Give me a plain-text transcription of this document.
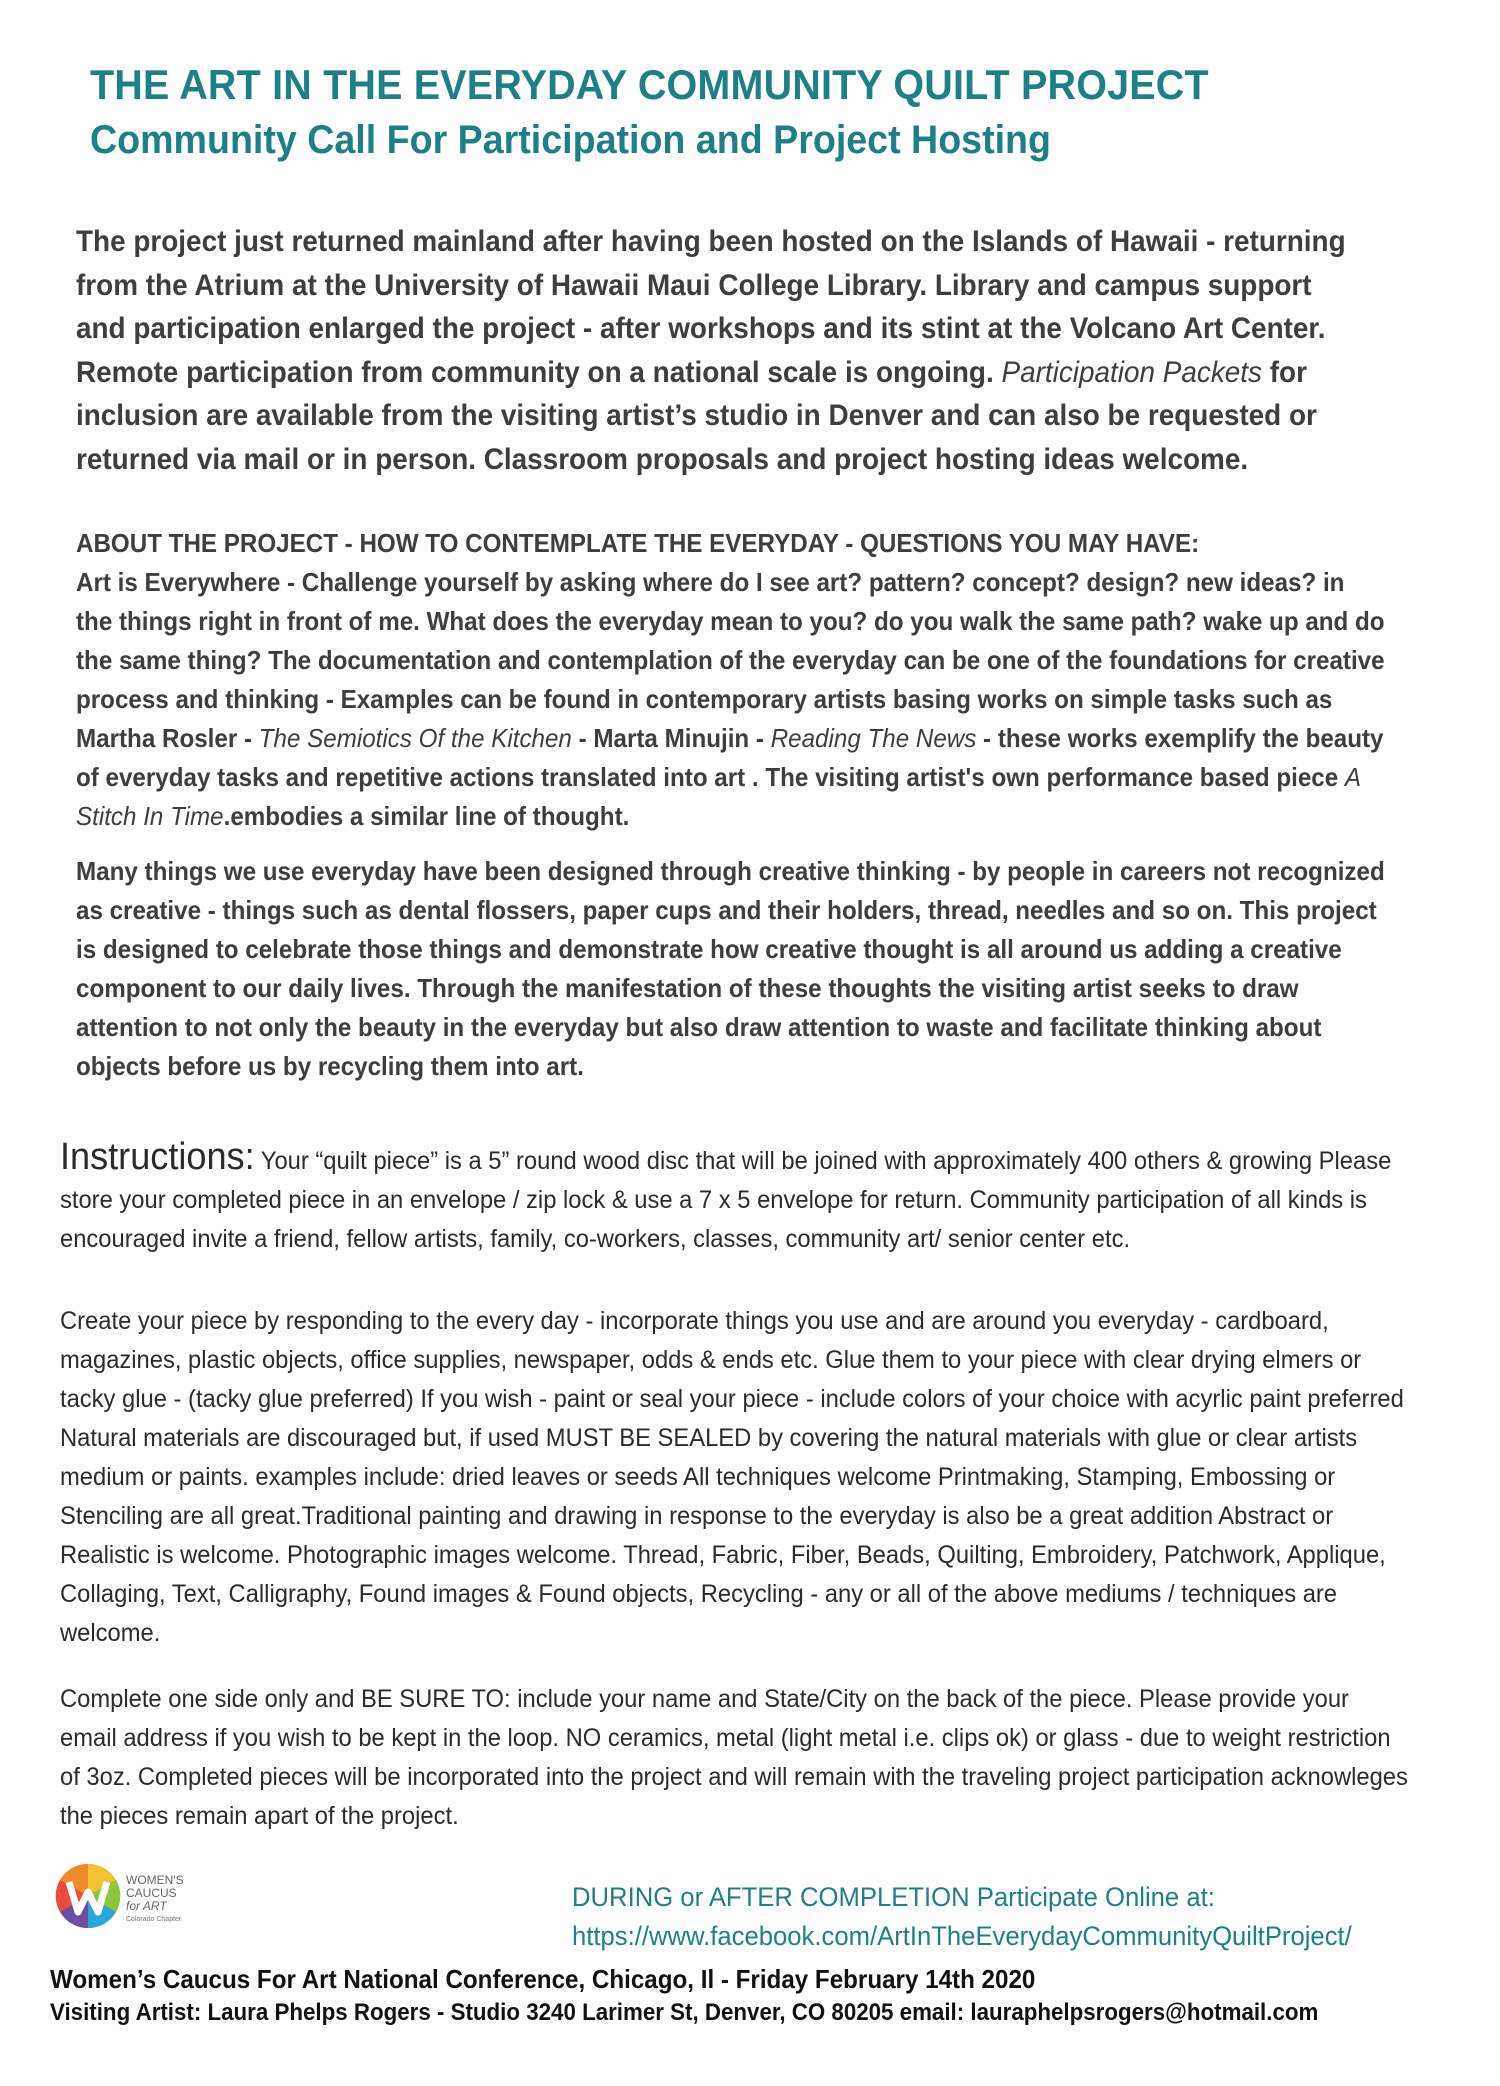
THE ART IN THE EVERYDAY COMMUNITY QUILT PROJECT
Community Call For Participation and Project Hosting

The project just returned mainland after having been hosted on the Islands of Hawaii - returning from the Atrium at the University of Hawaii Maui College Library. Library and campus support and participation enlarged the project - after workshops and its stint at the Volcano Art Center. Remote participation from community on a national scale is ongoing. Participation Packets for inclusion are available from the visiting artist’s studio in Denver and can also be requested or returned via mail or in person. Classroom proposals and project hosting ideas welcome.

ABOUT THE PROJECT - HOW TO CONTEMPLATE THE EVERYDAY - QUESTIONS YOU MAY HAVE:
Art is Everywhere - Challenge yourself by asking where do I see art? pattern? concept? design? new ideas? in the things right in front of me. What does the everyday mean to you? do you walk the same path? wake up and do the same thing? The documentation and contemplation of the everyday can be one of the foundations for creative process and thinking - Examples can be found in contemporary artists basing works on simple tasks such as Martha Rosler - The Semiotics Of the Kitchen - Marta Minujin - Reading The News - these works exemplify the beauty of everyday tasks and repetitive actions translated into art . The visiting artist's own performance based piece A Stitch In Time.embodies a similar line of thought.

Many things we use everyday have been designed through creative thinking - by people in careers not recognized as creative - things such as dental flossers, paper cups and their holders, thread, needles and so on. This project is designed to celebrate those things and demonstrate how creative thought is all around us adding a creative component to our daily lives. Through the manifestation of these thoughts the visiting artist seeks to draw attention to not only the beauty in the everyday but also draw attention to waste and facilitate thinking about objects before us by recycling them into art.

Instructions: Your “quilt piece” is a 5” round wood disc that will be joined with approximately 400 others & growing Please store your completed piece in an envelope / zip lock & use a 7 x 5 envelope for return. Community participation of all kinds is encouraged invite a friend, fellow artists, family, co-workers, classes, community art/ senior center etc.

Create your piece by responding to the every day - incorporate things you use and are around you everyday - cardboard, magazines, plastic objects, office supplies, newspaper, odds & ends etc. Glue them to your piece with clear drying elmers or tacky glue - (tacky glue preferred) If you wish - paint or seal your piece - include colors of your choice with acyrlic paint preferred Natural materials are discouraged but, if used MUST BE SEALED by covering the natural materials with glue or clear artists medium or paints. examples include: dried leaves or seeds All techniques welcome Printmaking, Stamping, Embossing or Stenciling are all great.Traditional painting and drawing in response to the everyday is also be a great addition Abstract or Realistic is welcome. Photographic images welcome. Thread, Fabric, Fiber, Beads, Quilting, Embroidery, Patchwork, Applique, Collaging, Text, Calligraphy, Found images & Found objects, Recycling - any or all of the above mediums / techniques are welcome.

Complete one side only and BE SURE TO: include your name and State/City on the back of the piece. Please provide your email address if you wish to be kept in the loop. NO ceramics, metal (light metal i.e. clips ok) or glass - due to weight restriction of 3oz. Completed pieces will be incorporated into the project and will remain with the traveling project participation acknowleges the pieces remain apart of the project.

WOMEN'S
CAUCUS
for ART
Colorado Chapter
DURING or AFTER COMPLETION Participate Online at:
https://www.facebook.com/ArtInTheEverydayCommunityQuiltProject/
Women’s Caucus For Art National Conference, Chicago, Il - Friday February 14th 2020
Visiting Artist: Laura Phelps Rogers - Studio 3240 Larimer St, Denver, CO 80205 email: lauraphelpsrogers@hotmail.com
